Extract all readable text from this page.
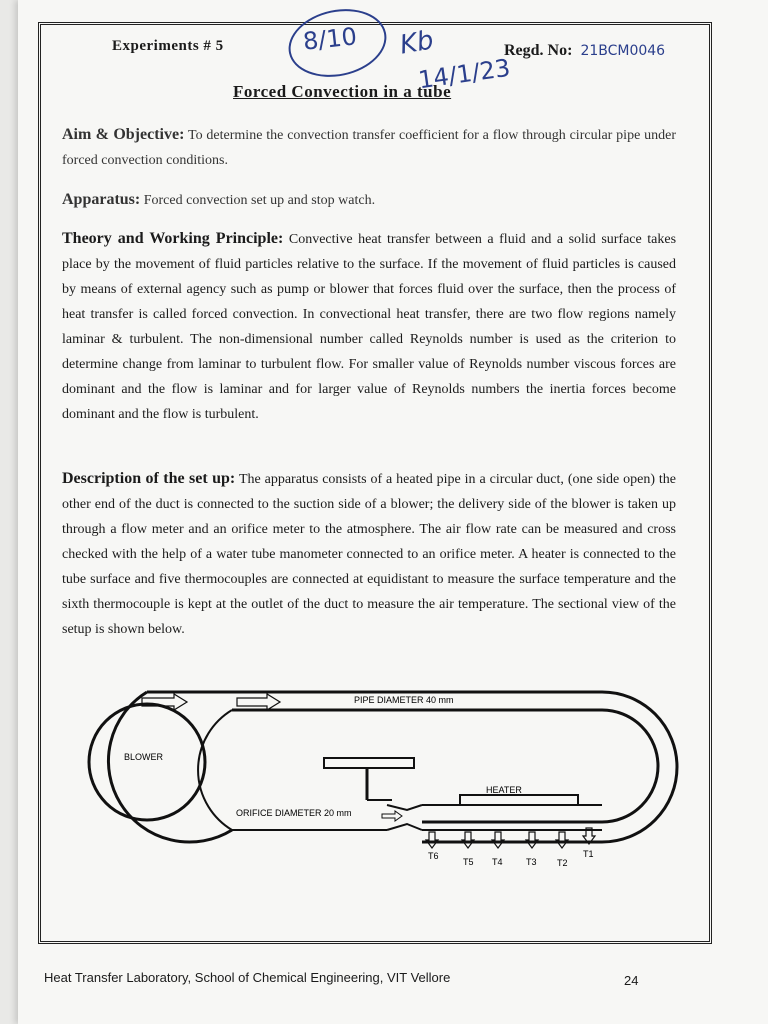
Experiments # 5	8/10 Kb
14/1/23
Regd. No: 21BCM0046
Forced Convection in a tube
Aim & Objective: To determine the convection transfer coefficient for a flow through circular pipe under forced convection conditions.
Apparatus: Forced convection set up and stop watch.
Theory and Working Principle: Convective heat transfer between a fluid and a solid surface takes place by the movement of fluid particles relative to the surface. If the movement of fluid particles is caused by means of external agency such as pump or blower that forces fluid over the surface, then the process of heat transfer is called forced convection. In convectional heat transfer, there are two flow regions namely laminar & turbulent. The non-dimensional number called Reynolds number is used as the criterion to determine change from laminar to turbulent flow. For smaller value of Reynolds number viscous forces are dominant and the flow is laminar and for larger value of Reynolds numbers the inertia forces become dominant and the flow is turbulent.
Description of the set up: The apparatus consists of a heated pipe in a circular duct, (one side open) the other end of the duct is connected to the suction side of a blower; the delivery side of the blower is taken up through a flow meter and an orifice meter to the atmosphere. The air flow rate can be measured and cross checked with the help of a water tube manometer connected to an orifice meter. A heater is connected to the tube surface and five thermocouples are connected at equidistant to measure the surface temperature and the sixth thermocouple is kept at the outlet of the duct to measure the air temperature. The sectional view of the setup is shown below.
PIPE DIAMETER 40 mm
BLOWER
HEATER
ORIFICE DIAMETER 20 mm
T6
T5 T4	T3 T2
T1
Heat Transfer Laboratory, School of Chemical Engineering, VIT Vellore	24
